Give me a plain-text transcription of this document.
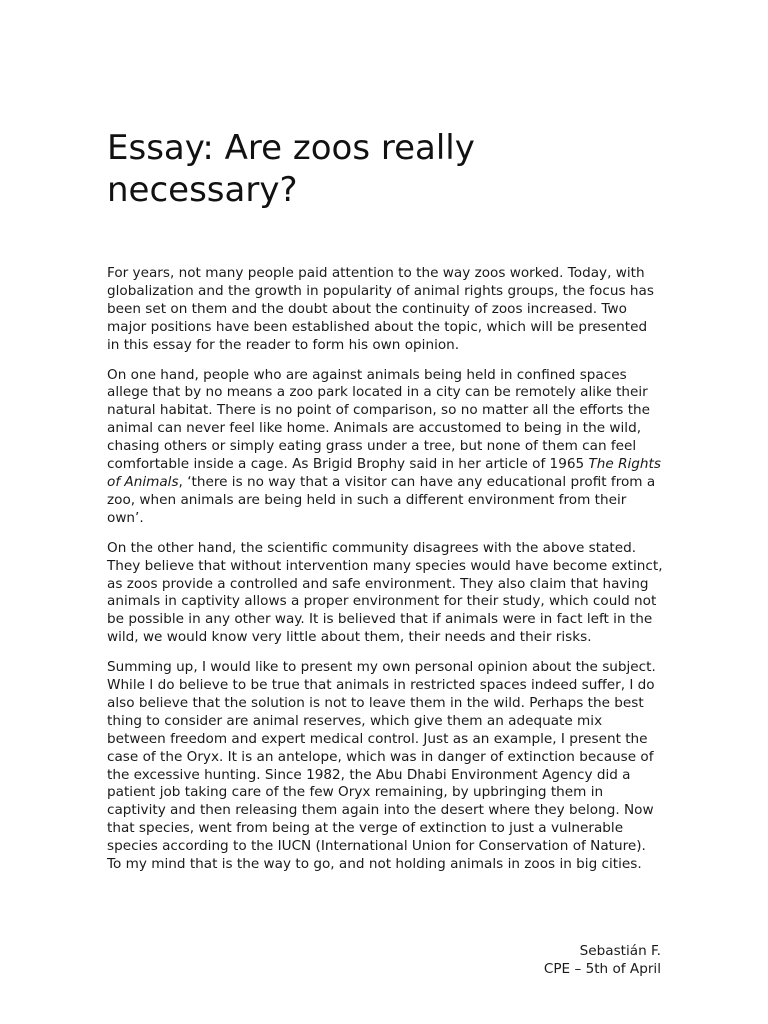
Essay: Are zoos really necessary?

For years, not many people paid attention to the way zoos worked. Today, with globalization and the growth in popularity of animal rights groups, the focus has been set on them and the doubt about the continuity of zoos increased. Two major positions have been established about the topic, which will be presented in this essay for the reader to form his own opinion.

On one hand, people who are against animals being held in confined spaces allege that by no means a zoo park located in a city can be remotely alike their natural habitat. There is no point of comparison, so no matter all the efforts the animal can never feel like home. Animals are accustomed to being in the wild, chasing others or simply eating grass under a tree, but none of them can feel comfortable inside a cage. As Brigid Brophy said in her article of 1965 The Rights of Animals, ‘there is no way that a visitor can have any educational profit from a zoo, when animals are being held in such a different environment from their own’.

On the other hand, the scientific community disagrees with the above stated. They believe that without intervention many species would have become extinct, as zoos provide a controlled and safe environment. They also claim that having animals in captivity allows a proper environment for their study, which could not be possible in any other way. It is believed that if animals were in fact left in the wild, we would know very little about them, their needs and their risks.

Summing up, I would like to present my own personal opinion about the subject. While I do believe to be true that animals in restricted spaces indeed suffer, I do also believe that the solution is not to leave them in the wild. Perhaps the best thing to consider are animal reserves, which give them an adequate mix between freedom and expert medical control. Just as an example, I present the case of the Oryx. It is an antelope, which was in danger of extinction because of the excessive hunting. Since 1982, the Abu Dhabi Environment Agency did a patient job taking care of the few Oryx remaining, by upbringing them in captivity and then releasing them again into the desert where they belong. Now that species, went from being at the verge of extinction to just a vulnerable species according to the IUCN (International Union for Conservation of Nature). To my mind that is the way to go, and not holding animals in zoos in big cities.

Sebastián F.
CPE – 5th of April
